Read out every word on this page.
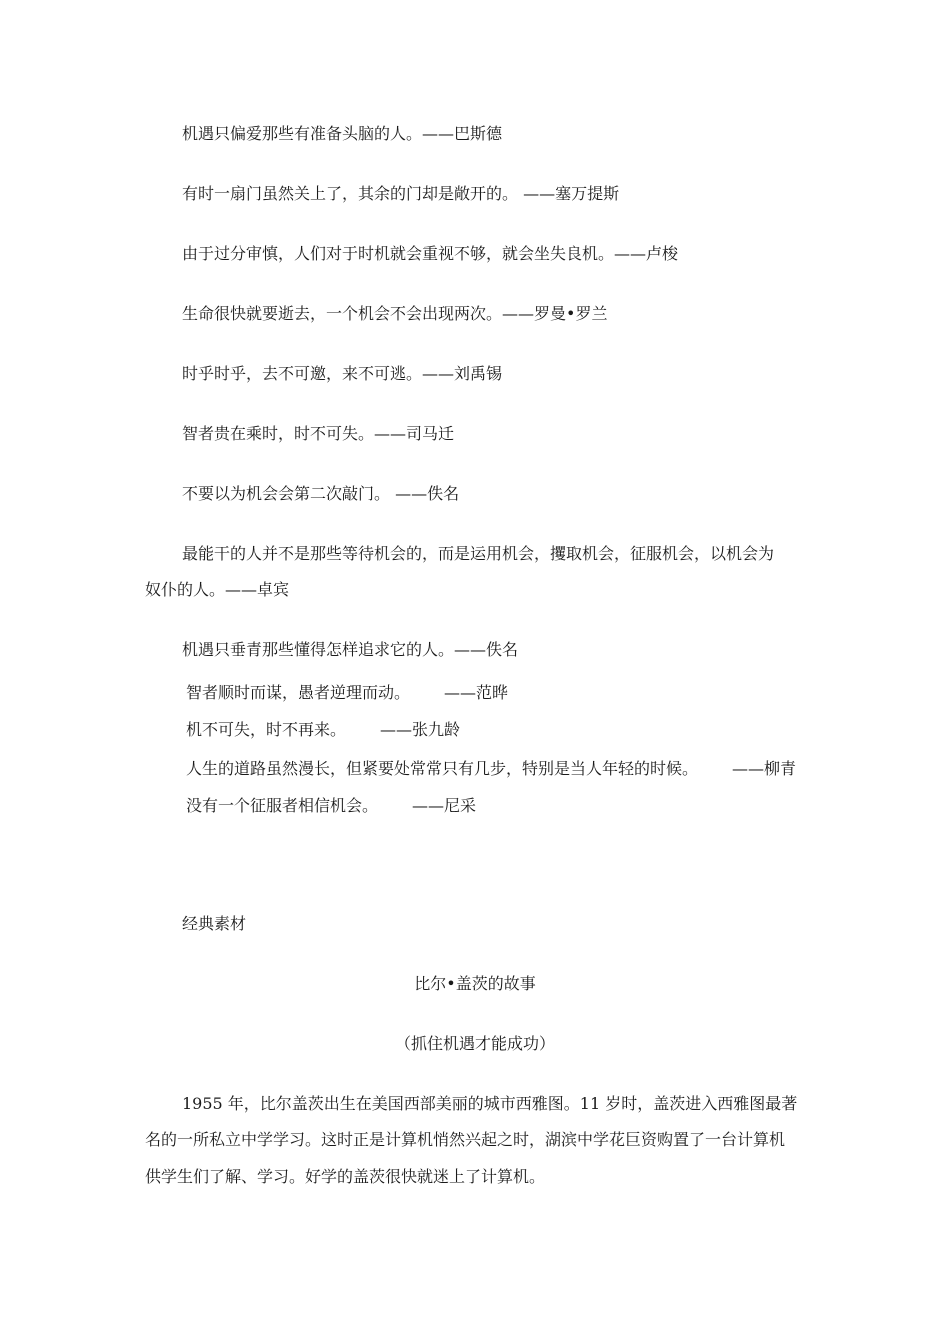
机遇只偏爱那些有准备头脑的人。——巴斯德
有时一扇门虽然关上了，其余的门却是敞开的。 ——塞万提斯
由于过分审慎，人们对于时机就会重视不够，就会坐失良机。——卢梭
生命很快就要逝去，一个机会不会出现两次。——罗曼•罗兰
时乎时乎，去不可邀，来不可逃。——刘禹锡
智者贵在乘时，时不可失。——司马迁
不要以为机会会第二次敲门。 ——佚名
最能干的人并不是那些等待机会的，而是运用机会，攫取机会，征服机会，以机会为
奴仆的人。——卓宾
机遇只垂青那些懂得怎样追求它的人。——佚名
智者顺时而谋，愚者逆理而动。 ——范晔
机不可失，时不再来。 ——张九龄
人生的道路虽然漫长，但紧要处常常只有几步，特别是当人年轻的时候。 ——柳青
没有一个征服者相信机会。 ——尼采
经典素材
比尔•盖茨的故事
（抓住机遇才能成功）
1955 年，比尔盖茨出生在美国西部美丽的城市西雅图。11 岁时，盖茨进入西雅图最著
名的一所私立中学学习。这时正是计算机悄然兴起之时，湖滨中学花巨资购置了一台计算机
供学生们了解、学习。好学的盖茨很快就迷上了计算机。
